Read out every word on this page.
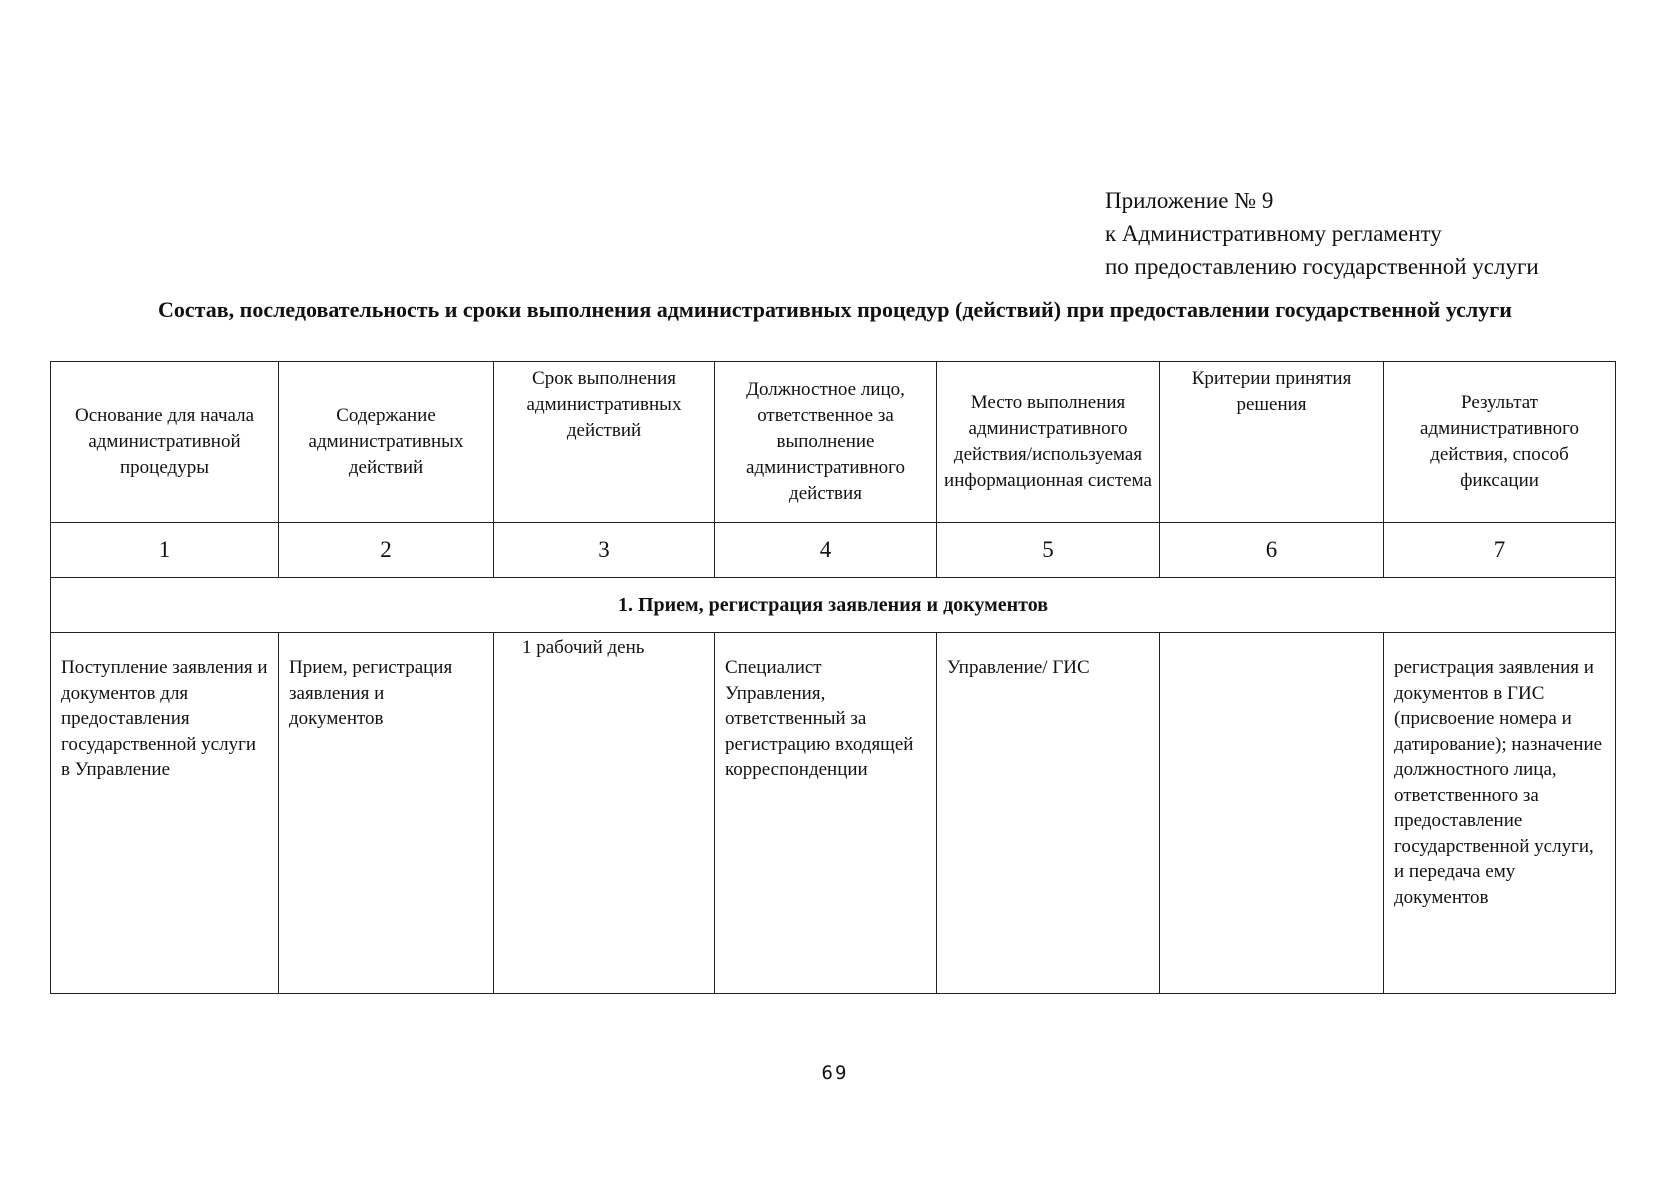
Приложение № 9
к Административному регламенту
по предоставлению государственной услуги
Состав, последовательность и сроки выполнения административных процедур (действий) при предоставлении государственной услуги
Основание для начала административной процедуры	Содержание административных действий	Срок выполнения административных действий	Должностное лицо, ответственное за выполнение административного действия	Место выполнения административного действия/используемая информационная система	Критерии принятия решения	Результат административного действия, способ фиксации
1	2	3	4	5	6	7
1. Прием, регистрация заявления и документов						
Поступление заявления и документов для предоставления государственной услуги в Управление	Прием, регистрация заявления и документов	1 рабочий день	Специалист Управления, ответственный за регистрацию входящей корреспонденции	Управление/ ГИС		регистрация заявления и документов в ГИС (присвоение номера и датирование); назначение должностного лица, ответственного за предоставление государственной услуги, и передача ему документов
69
